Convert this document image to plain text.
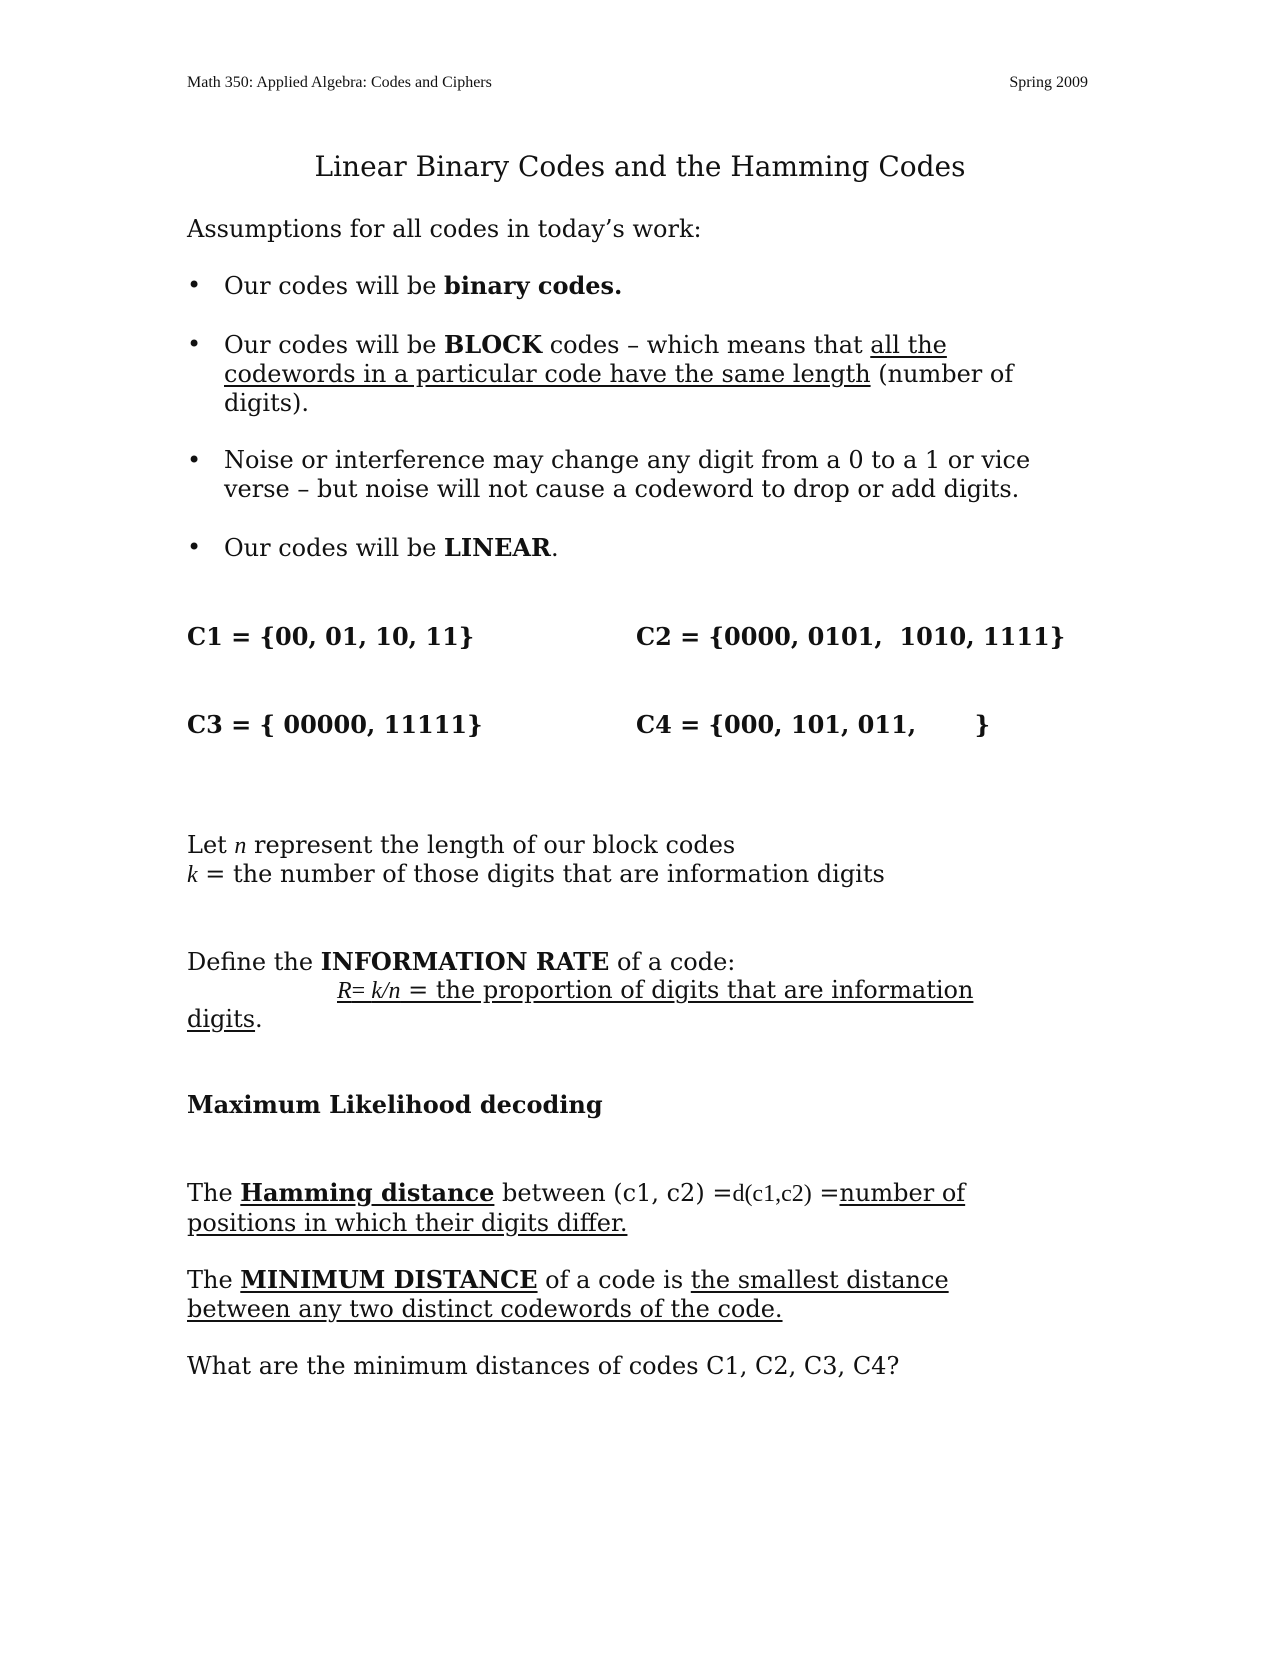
Math 350: Applied Algebra: Codes and Ciphers	Spring 2009
Linear Binary Codes and the Hamming Codes
Assumptions for all codes in today’s work:
• Our codes will be binary codes.
• Our codes will be BLOCK codes – which means that all the
codewords in a particular code have the same length (number of
digits).
• Noise or interference may change any digit from a 0 to a 1 or vice
verse – but noise will not cause a codeword to drop or add digits.
• Our codes will be LINEAR.
C1 = {00, 01, 10, 11}	C2 = {0000, 0101,  1010, 1111}
C3 = { 00000, 11111}	C4 = {000, 101, 011,       }
Let n represent the length of our block codes
k = the number of those digits that are information digits
Define the INFORMATION RATE of a code:
R= k/n = the proportion of digits that are information
digits.
Maximum Likelihood decoding
The Hamming distance between (c1, c2) =d(c1,c2) =number of
positions in which their digits differ.
The MINIMUM DISTANCE of a code is the smallest distance
between any two distinct codewords of the code.
What are the minimum distances of codes C1, C2, C3, C4?
